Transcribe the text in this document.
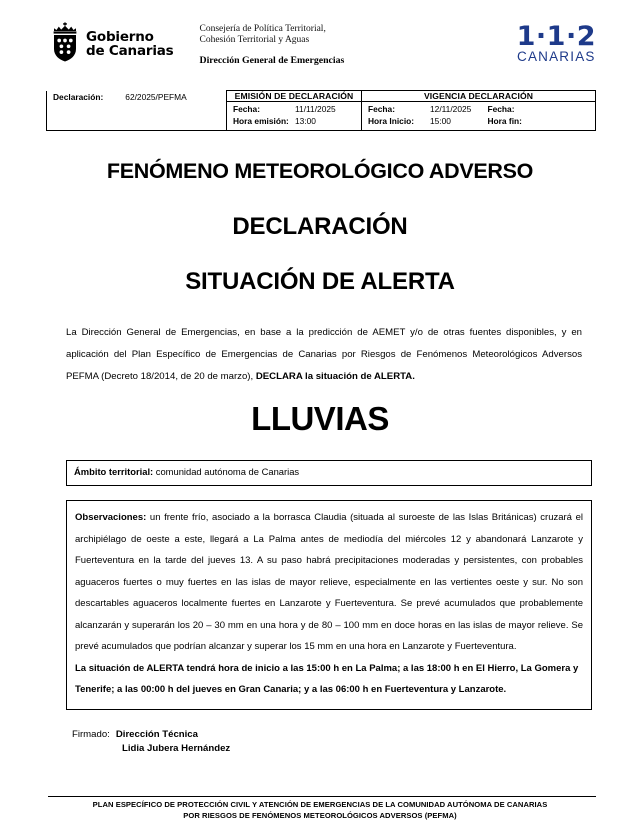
Gobierno
de Canarias
Consejería de Política Territorial,
Cohesión Territorial y Aguas
Dirección General de Emergencias
1·1·2
CANARIAS
Declaración: 62/2025/PEFMA	EMISIÓN DE DECLARACIÓN	VIGENCIA DECLARACIÓN	

Fecha:	11/11/2025
Hora emisión: 13:00

Fecha:	12/11/2025
Hora Inicio:	15:00

Fecha:
Hora fin:
FENÓMENO METEOROLÓGICO ADVERSO
DECLARACIÓN
SITUACIÓN DE ALERTA
La Dirección General de Emergencias, en base a la predicción de AEMET y/o de otras fuentes disponibles, y en aplicación del Plan Específico de Emergencias de Canarias por Riesgos de Fenómenos Meteorológicos Adversos PEFMA (Decreto 18/2014, de 20 de marzo), DECLARA la situación de ALERTA.
LLUVIAS
Ámbito territorial: comunidad autónoma de Canarias

Observaciones: un frente frío, asociado a la borrasca Claudia (situada al suroeste de las Islas Británicas) cruzará el archipiélago de oeste a este, llegará a La Palma antes de mediodía del miércoles 12 y abandonará Lanzarote y Fuerteventura en la tarde del jueves 13. A su paso habrá precipitaciones moderadas y persistentes, con probables aguaceros fuertes o muy fuertes en las islas de mayor relieve, especialmente en las vertientes oeste y sur. No son descartables aguaceros localmente fuertes en Lanzarote y Fuerteventura. Se prevé acumulados que probablemente alcanzarán y superarán los 20 – 30 mm en una hora y de 80 – 100 mm en doce horas en las islas de mayor relieve. Se prevé acumulados que podrían alcanzar y superar los 15 mm en una hora en Lanzarote y Fuerteventura.

La situación de ALERTA tendrá hora de inicio a las 15:00 h en La Palma; a las 18:00 h en El Hierro, La Gomera y Tenerife; a las 00:00 h del jueves en Gran Canaria; y a las 06:00 h en Fuerteventura y Lanzarote.

Firmado: Dirección Técnica
Lidia Jubera Hernández
PLAN ESPECÍFICO DE PROTECCIÓN CIVIL Y ATENCIÓN DE EMERGENCIAS DE LA COMUNIDAD AUTÓNOMA DE CANARIAS
POR RIESGOS DE FENÓMENOS METEOROLÓGICOS ADVERSOS (PEFMA)
